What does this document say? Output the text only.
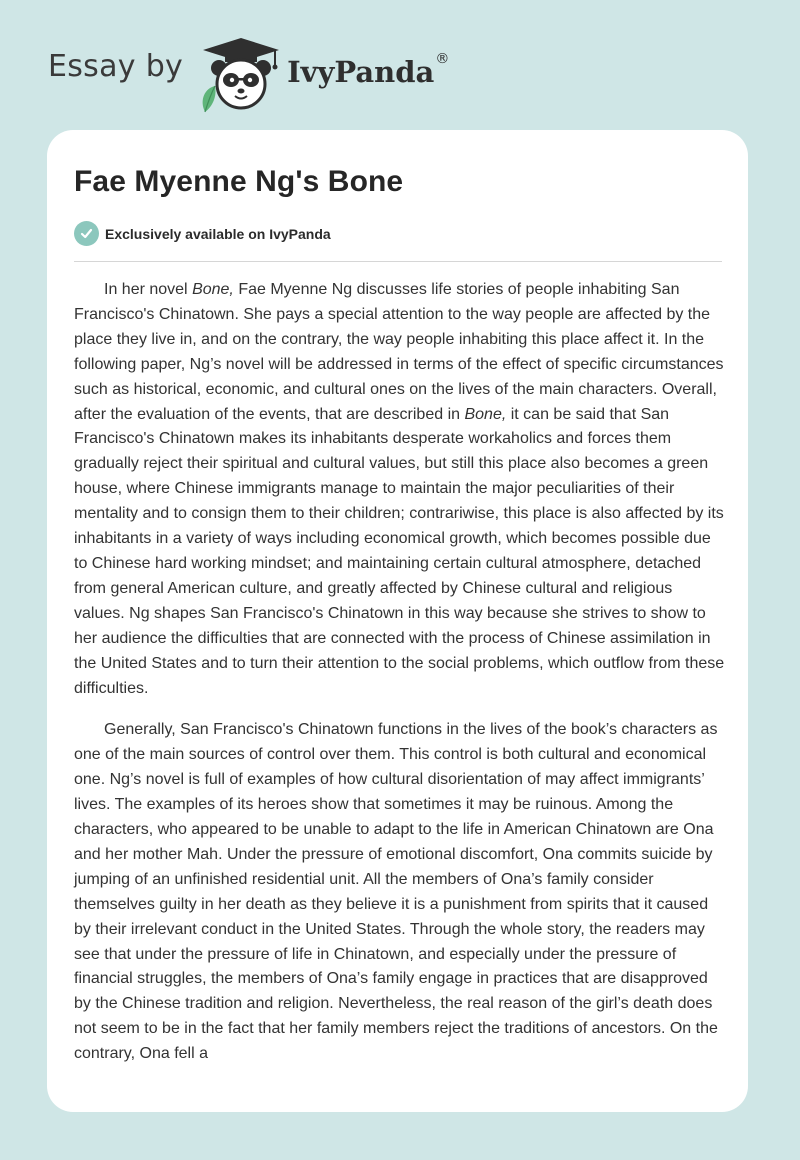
Essay by	IvyPanda®
Fae Myenne Ng's Bone
Exclusively available on IvyPanda

In her novel Bone, Fae Myenne Ng discusses life stories of people inhabiting San Francisco's Chinatown. She pays a special attention to the way people are affected by the place they live in, and on the contrary, the way people inhabiting this place affect it. In the following paper, Ng’s novel will be addressed in terms of the effect of specific circumstances such as historical, economic, and cultural ones on the lives of the main characters. Overall, after the evaluation of the events, that are described in Bone, it can be said that San Francisco's Chinatown makes its inhabitants desperate workaholics and forces them gradually reject their spiritual and cultural values, but still this place also becomes a green house, where Chinese immigrants manage to maintain the major peculiarities of their mentality and to consign them to their children; contrariwise, this place is also affected by its inhabitants in a variety of ways including economical growth, which becomes possible due to Chinese hard working mindset; and maintaining certain cultural atmosphere, detached from general American culture, and greatly affected by Chinese cultural and religious values. Ng shapes San Francisco's Chinatown in this way because she strives to show to her audience the difficulties that are connected with the process of Chinese assimilation in the United States and to turn their attention to the social problems, which outflow from these difficulties.

Generally, San Francisco's Chinatown functions in the lives of the book’s characters as one of the main sources of control over them. This control is both cultural and economical one. Ng’s novel is full of examples of how cultural disorientation of may affect immigrants’ lives. The examples of its heroes show that sometimes it may be ruinous. Among the characters, who appeared to be unable to adapt to the life in American Chinatown are Ona and her mother Mah. Under the pressure of emotional discomfort, Ona commits suicide by jumping of an unfinished residential unit. All the members of Ona’s family consider themselves guilty in her death as they believe it is a punishment from spirits that it caused by their irrelevant conduct in the United States. Through the whole story, the readers may see that under the pressure of life in Chinatown, and especially under the pressure of financial struggles, the members of Ona’s family engage in practices that are disapproved by the Chinese tradition and religion. Nevertheless, the real reason of the girl’s death does not seem to be in the fact that her family members reject the traditions of ancestors. On the contrary, Ona fell a
